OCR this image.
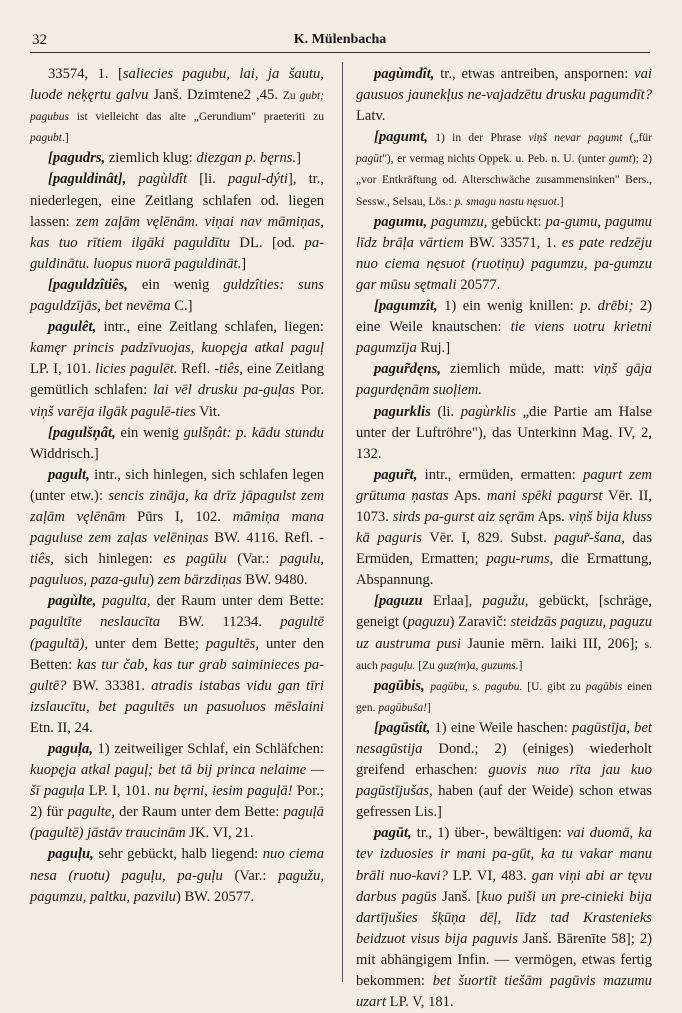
32	K. Mülenbacha

33574, 1. [saliecies pagubu, lai, ja šautu, luode neķęrtu galvu Janš. Dzimtene2 ,45. Zu gubt; pagubus ist vielleicht das alte „Gerundium" praeteriti zu pagubt.]

[pagudrs, ziemlich klug: diezgan p. bęrns.]

[paguldinât], pagùldît [li. pagul-dýti], tr., niederlegen, eine Zeitlang schlafen od. liegen lassen: zem zaļām vęlēnām. viņai nav māmiņas, kas tuo rītiem ilgāki paguldītu DL. [od. pa-guldinātu. luopus nuorā paguldināt.]

[paguldzîtiês, ein wenig guldzîties: suns paguldzījās, bet nevēma C.]

pagulêt, intr., eine Zeitlang schlafen, liegen: kamęr princis padzīvuojas, kuopęja atkal paguļ LP. I, 101. licies pagulēt. Refl. -tiês, eine Zeitlang gemütlich schlafen: lai vēl drusku pa-guļas Por. viņš varēja ilgāk pagulē-ties Vit.

[pagulšņât, ein wenig gulšņât: p. kādu stundu Widdrisch.]

pagult, intr., sich hinlegen, sich schlafen legen (unter etw.): sencis zināja, ka drīz jāpagulst zem zaļām vęlēnām Pūrs I, 102. māmiņa mana paguluse zem zaļas velēniņas BW. 4116. Refl. -tiês, sich hinlegen: es pagūlu (Var.: pagulu, paguluos, paza-gulu) zem bārzdiņas BW. 9480.

pagùlte, pagulta, der Raum unter dem Bette: pagultīte neslaucīta BW. 11234. pagultē (pagultā), unter dem Bette; pagultēs, unter den Betten: kas tur čab, kas tur grab saiminieces pa-gultē? BW. 33381. atradis istabas vidu gan tīri izslaucītu, bet pagultēs un pasuoluos mēslaini Etn. II, 24.

paguļa, 1) zeitweiliger Schlaf, ein Schläfchen: kuopęja atkal paguļ; bet tā bij princa nelaime — šī paguļa LP. I, 101. nu bęrni, iesim paguļā! Por.; 2) für pagulte, der Raum unter dem Bette: paguļā (pagultē) jāstāv traucinām JK. VI, 21.

paguļu, sehr gebückt, halb liegend: nuo ciema nesa (ruotu) paguļu, pa-guļu (Var.: pagužu, pagumzu, paltku, pazvilu) BW. 20577.

pagùmdît, tr., etwas antreiben, anspornen: vai gausuos jaunekļus ne-vajadzētu drusku pagumdīt? Latv.

[pagumt, 1) in der Phrase viņš nevar pagumt („für pagūt"), er vermag nichts Oppek. u. Peb. n. U. (unter gumt); 2) „vor Entkräftung od. Alterschwäche zusammensinken" Bers., Sessw., Selsau, Lös.: p. smagu nastu nęsuot.]

pagumu, pagumzu, gebückt: pa-gumu, pagumu līdz brāļa vārtiem BW. 33571, 1. es pate redzēju nuo ciema nęsuot (ruotiņu) pagumzu, pa-gumzu gar mūsu sętmali 20577.

[pagumzît, 1) ein wenig knillen: p. drēbi; 2) eine Weile knautschen: tie viens uotru krietni pagumzīja Ruj.]

pagur̃dęns, ziemlich müde, matt: viņš gāja pagurdęnām suoļiem.

pagurklis (li. pagùrklis „die Partie am Halse unter der Luftröhre"), das Unterkinn Mag. IV, 2, 132.

pagur̃t, intr., ermüden, ermatten: pagurt zem grūtuma ņastas Aps. mani spēki pagurst Vēr. II, 1073. sirds pa-gurst aiz sęrām Aps. viņš bija kluss kā paguris Vēr. I, 829. Subst. pagur̃-šana, das Ermüden, Ermatten; pagu-rums, die Ermattung, Abspannung.

[paguzu Erlaa], pagužu, gebückt, [schräge, geneigt (paguzu) Zaravič: steidzās paguzu, paguzu uz austruma pusi Jaunie mērn. laiki III, 206]; s. auch paguļu. [Zu guz(m)a, guzums.]

pagūbis, pagūbu, s. pagubu. [U. gibt zu pagūbis einen gen. pagūbuša!]

[pagūstît, 1) eine Weile haschen: pagūstīja, bet nesagūstija Dond.; 2) (einiges) wiederholt greifend erhaschen: guovis nuo rīta jau kuo pagūstījušas, haben (auf der Weide) schon etwas gefressen Lis.]

pagūt, tr., 1) über-, bewältigen: vai duomā, ka tev izduosies ir mani pa-gūt, ka tu vakar manu brāli nuo-kavi? LP. VI, 483. gan viņi abi ar tęvu darbus pagūs Janš. [kuo puiši un pre-cinieki bija dartījušies šķūņa dēļ, līdz tad Krastenieks beidzuot visus bija paguvis Janš. Bārenīte 58]; 2) mit abhängigem Infin. — vermögen, etwas fertig bekommen: bet šuortīt tiešām pagūvis mazumu uzart LP. V, 181.
